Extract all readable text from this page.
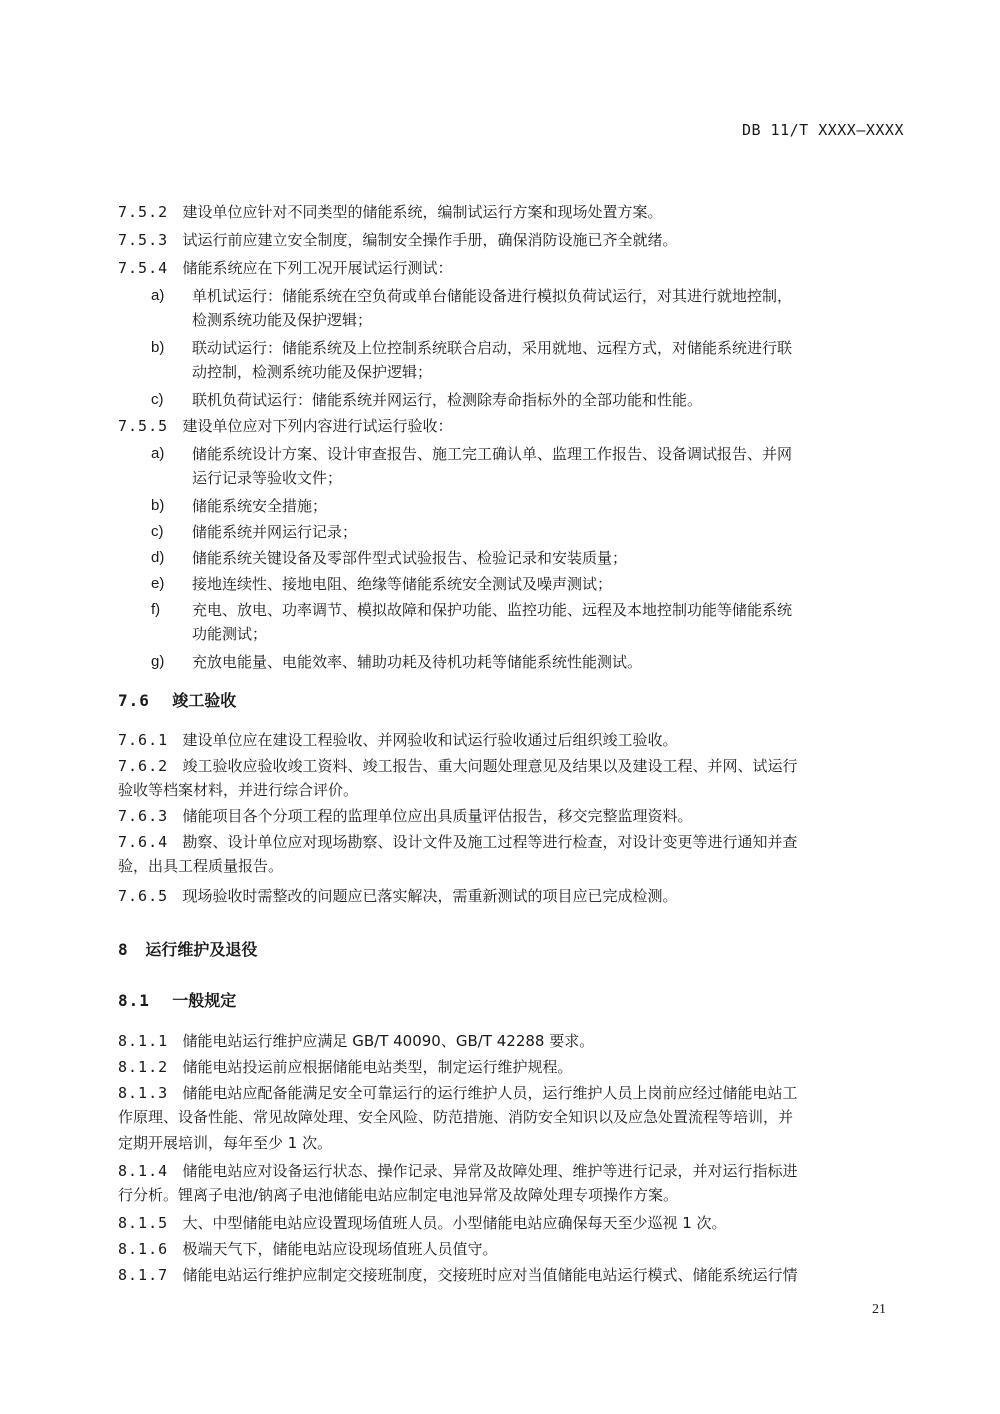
DB 11/T XXXX—XXXX
7.5.2 建设单位应针对不同类型的储能系统，编制试运行方案和现场处置方案。
7.5.3 试运行前应建立安全制度，编制安全操作手册，确保消防设施已齐全就绪。
7.5.4 储能系统应在下列工况开展试运行测试：
a) 单机试运行：储能系统在空负荷或单台储能设备进行模拟负荷试运行，对其进行就地控制，
检测系统功能及保护逻辑；
b) 联动试运行：储能系统及上位控制系统联合启动，采用就地、远程方式，对储能系统进行联
动控制，检测系统功能及保护逻辑；
c) 联机负荷试运行：储能系统并网运行，检测除寿命指标外的全部功能和性能。
7.5.5 建设单位应对下列内容进行试运行验收：
a) 储能系统设计方案、设计审查报告、施工完工确认单、监理工作报告、设备调试报告、并网
运行记录等验收文件；
b) 储能系统安全措施；
c) 储能系统并网运行记录；
d) 储能系统关键设备及零部件型式试验报告、检验记录和安装质量；
e) 接地连续性、接地电阻、绝缘等储能系统安全测试及噪声测试；
f) 充电、放电、功率调节、模拟故障和保护功能、监控功能、远程及本地控制功能等储能系统
功能测试；
g) 充放电能量、电能效率、辅助功耗及待机功耗等储能系统性能测试。
7.6 竣工验收
7.6.1 建设单位应在建设工程验收、并网验收和试运行验收通过后组织竣工验收。
7.6.2 竣工验收应验收竣工资料、竣工报告、重大问题处理意见及结果以及建设工程、并网、试运行
验收等档案材料，并进行综合评价。
7.6.3 储能项目各个分项工程的监理单位应出具质量评估报告，移交完整监理资料。
7.6.4 勘察、设计单位应对现场勘察、设计文件及施工过程等进行检查，对设计变更等进行通知并查
验，出具工程质量报告。
7.6.5 现场验收时需整改的问题应已落实解决，需重新测试的项目应已完成检测。
8 运行维护及退役
8.1 一般规定
8.1.1 储能电站运行维护应满足 GB/T 40090、GB/T 42288 要求。
8.1.2 储能电站投运前应根据储能电站类型，制定运行维护规程。
8.1.3 储能电站应配备能满足安全可靠运行的运行维护人员，运行维护人员上岗前应经过储能电站工
作原理、设备性能、常见故障处理、安全风险、防范措施、消防安全知识以及应急处置流程等培训，并
定期开展培训，每年至少 1 次。
8.1.4 储能电站应对设备运行状态、操作记录、异常及故障处理、维护等进行记录，并对运行指标进
行分析。锂离子电池/钠离子电池储能电站应制定电池异常及故障处理专项操作方案。
8.1.5 大、中型储能电站应设置现场值班人员。小型储能电站应确保每天至少巡视 1 次。
8.1.6 极端天气下，储能电站应设现场值班人员值守。
8.1.7 储能电站运行维护应制定交接班制度，交接班时应对当值储能电站运行模式、储能系统运行情
21
